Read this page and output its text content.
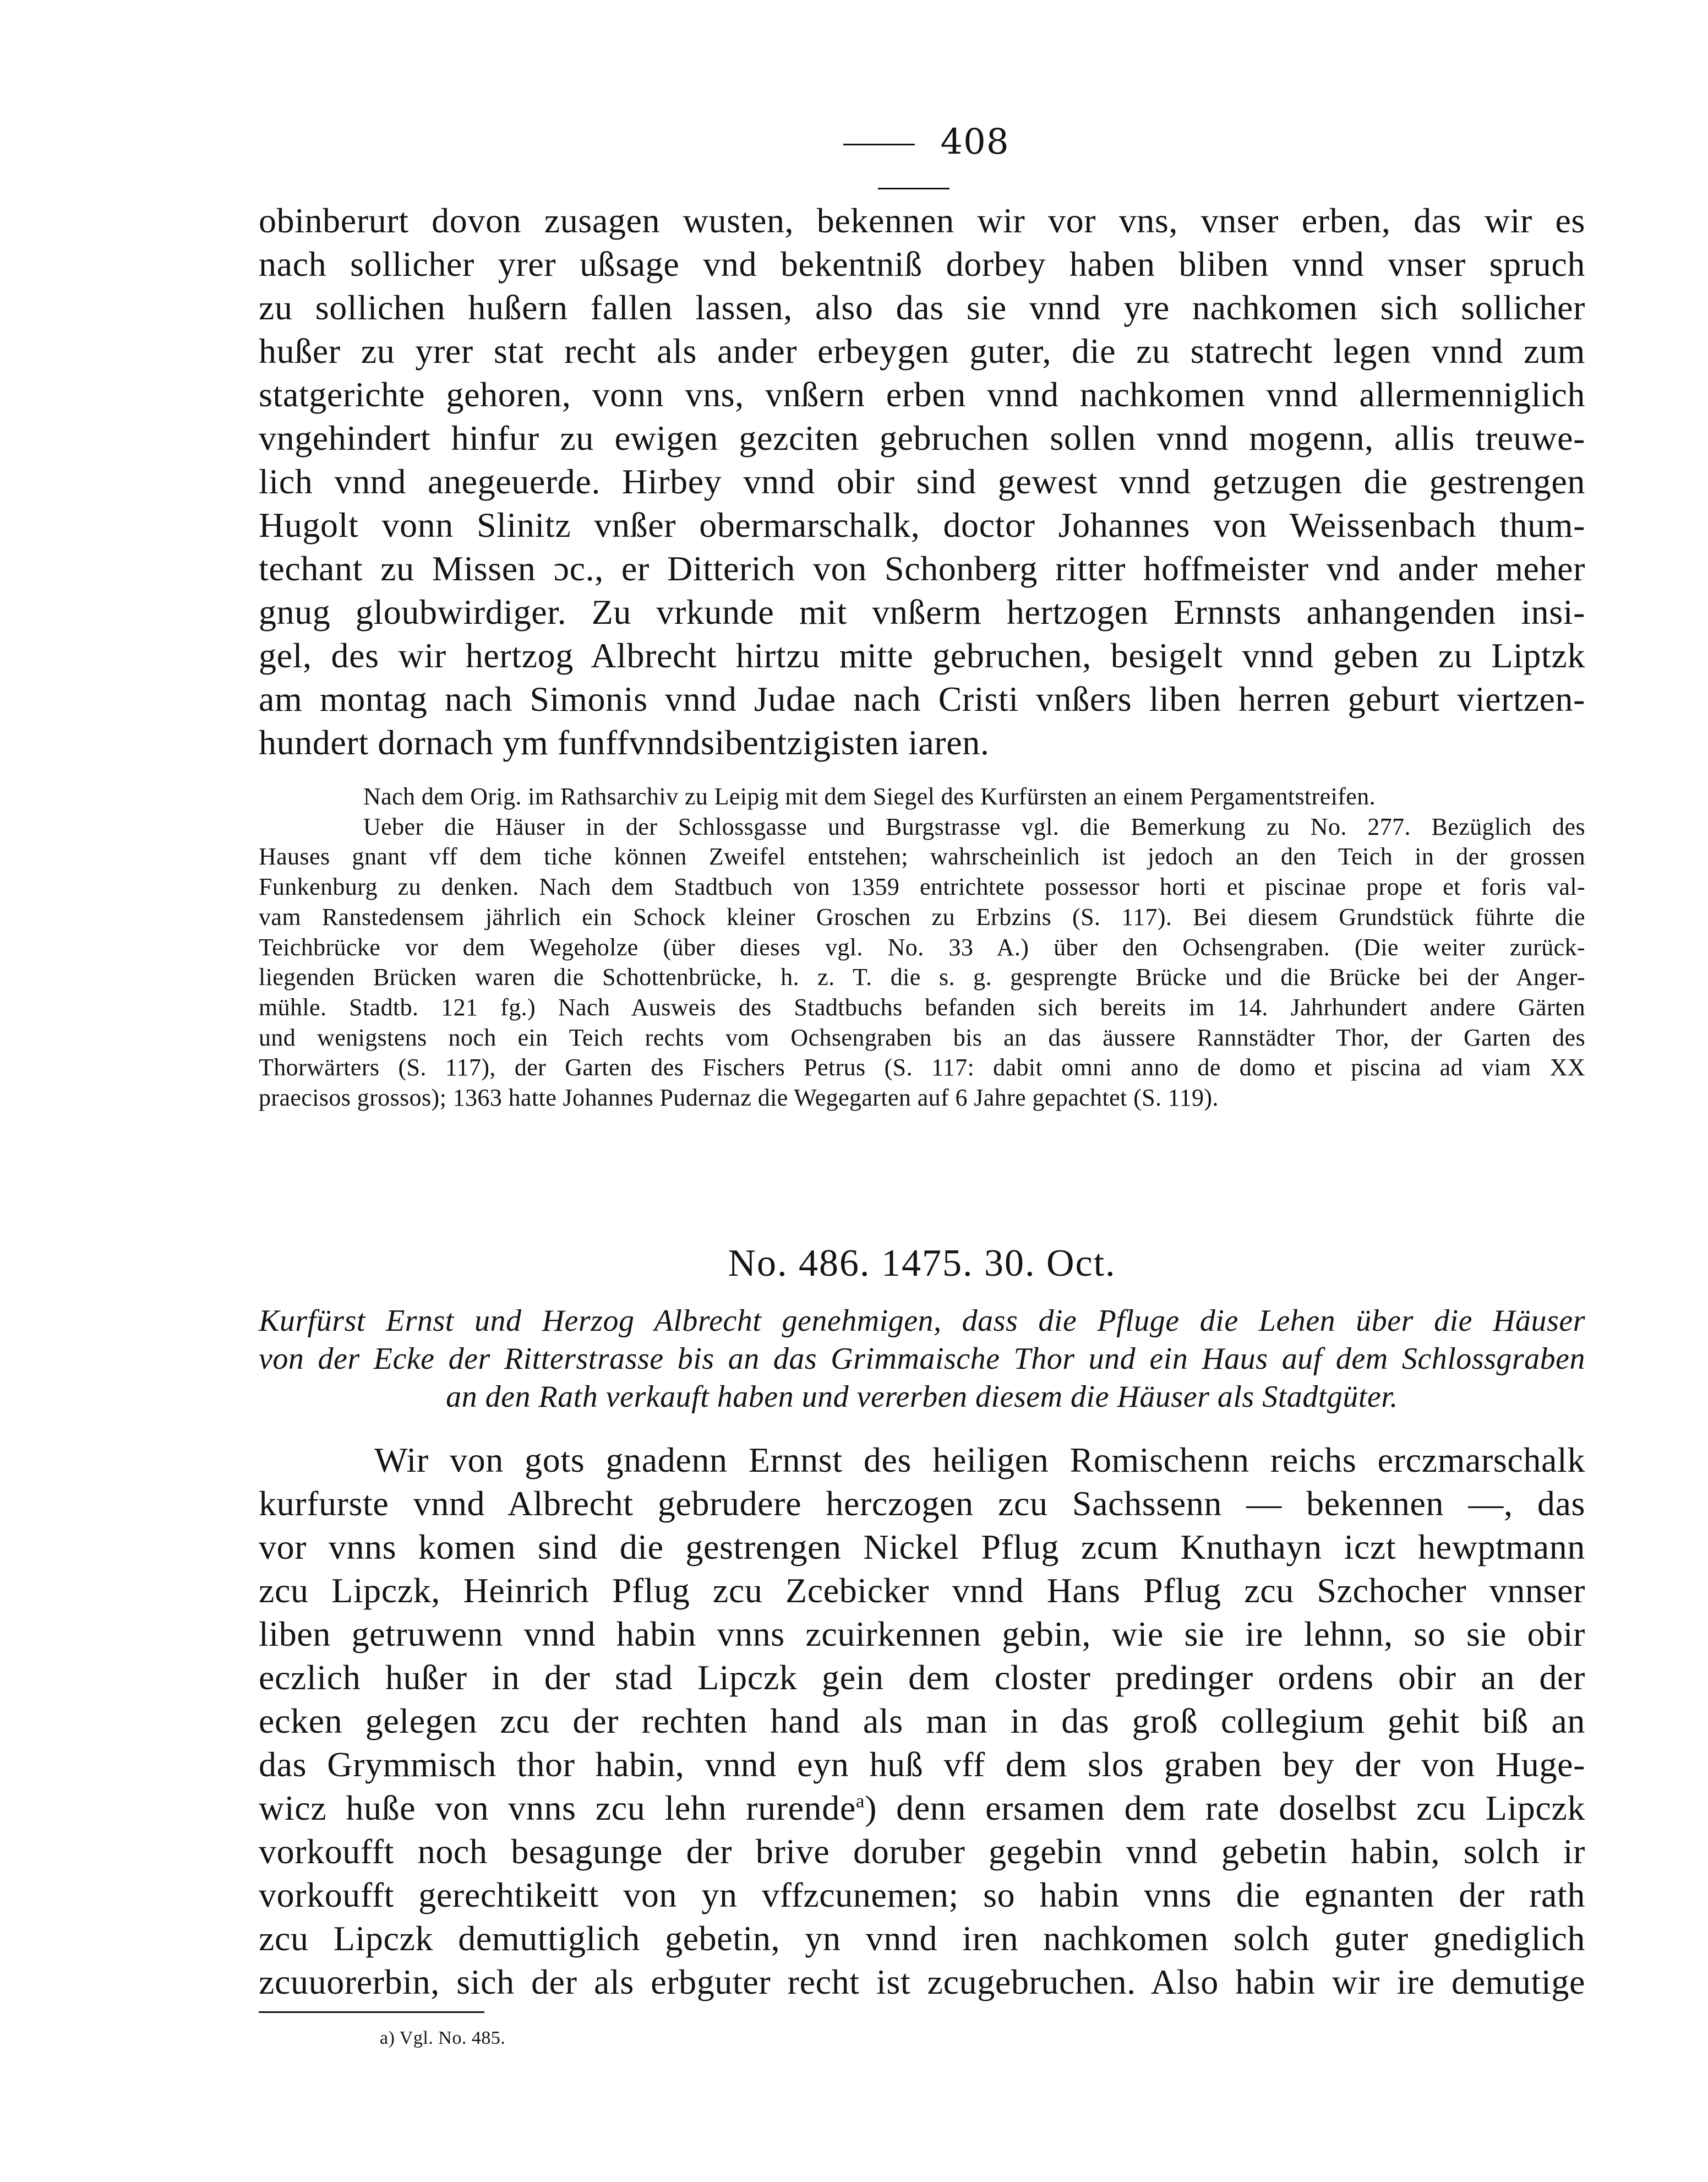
408
obinberurt dovon zusagen wusten, bekennen wir vor vns, vnser erben, das wir es
nach sollicher yrer ußsage vnd bekentniß dorbey haben bliben vnnd vnser spruch
zu sollichen hußern fallen lassen, also das sie vnnd yre nachkomen sich sollicher
hußer zu yrer stat recht als ander erbeygen guter, die zu statrecht legen vnnd zum
statgerichte gehoren, vonn vns, vnßern erben vnnd nachkomen vnnd allermenniglich
vngehindert hinfur zu ewigen gezciten gebruchen sollen vnnd mogenn, allis treuwe-
lich vnnd anegeuerde. Hirbey vnnd obir sind gewest vnnd getzugen die gestrengen
Hugolt vonn Slinitz vnßer obermarschalk, doctor Johannes von Weissenbach thum-
techant zu Missen ɔc., er Ditterich von Schonberg ritter hoffmeister vnd ander meher
gnug gloubwirdiger. Zu vrkunde mit vnßerm hertzogen Ernnsts anhangenden insi-
gel, des wir hertzog Albrecht hirtzu mitte gebruchen, besigelt vnnd geben zu Liptzk
am montag nach Simonis vnnd Judae nach Cristi vnßers liben herren geburt viertzen-
hundert dornach ym funffvnndsibentzigisten iaren.
Nach dem Orig. im Rathsarchiv zu Leipig mit dem Siegel des Kurfürsten an einem Pergamentstreifen.
Ueber die Häuser in der Schlossgasse und Burgstrasse vgl. die Bemerkung zu No. 277. Bezüglich des
Hauses gnant vff dem tiche können Zweifel entstehen; wahrscheinlich ist jedoch an den Teich in der grossen
Funkenburg zu denken. Nach dem Stadtbuch von 1359 entrichtete possessor horti et piscinae prope et foris val-
vam Ranstedensem jährlich ein Schock kleiner Groschen zu Erbzins (S. 117). Bei diesem Grundstück führte die
Teichbrücke vor dem Wegeholze (über dieses vgl. No. 33 A.) über den Ochsengraben. (Die weiter zurück-
liegenden Brücken waren die Schottenbrücke, h. z. T. die s. g. gesprengte Brücke und die Brücke bei der Anger-
mühle. Stadtb. 121 fg.) Nach Ausweis des Stadtbuchs befanden sich bereits im 14. Jahrhundert andere Gärten
und wenigstens noch ein Teich rechts vom Ochsengraben bis an das äussere Rannstädter Thor, der Garten des
Thorwärters (S. 117), der Garten des Fischers Petrus (S. 117: dabit omni anno de domo et piscina ad viam XX
praecisos grossos); 1363 hatte Johannes Pudernaz die Wegegarten auf 6 Jahre gepachtet (S. 119).
No. 486. 1475. 30. Oct.
Kurfürst Ernst und Herzog Albrecht genehmigen, dass die Pfluge die Lehen über die Häuser
von der Ecke der Ritterstrasse bis an das Grimmaische Thor und ein Haus auf dem Schlossgraben
an den Rath verkauft haben und vererben diesem die Häuser als Stadtgüter.
Wir von gots gnadenn Ernnst des heiligen Romischenn reichs erczmarschalk
kurfurste vnnd Albrecht gebrudere herczogen zcu Sachssenn — bekennen —, das
vor vnns komen sind die gestrengen Nickel Pflug zcum Knuthayn iczt hewptmann
zcu Lipczk, Heinrich Pflug zcu Zcebicker vnnd Hans Pflug zcu Szchocher vnnser
liben getruwenn vnnd habin vnns zcuirkennen gebin, wie sie ire lehnn, so sie obir
eczlich hußer in der stad Lipczk gein dem closter predinger ordens obir an der
ecken gelegen zcu der rechten hand als man in das groß collegium gehit biß an
das Grymmisch thor habin, vnnd eyn huß vff dem slos graben bey der von Huge-
wicz huße von vnns zcu lehn rurende$^a$) denn ersamen dem rate doselbst zcu Lipczk
vorkoufft noch besagunge der brive doruber gegebin vnnd gebetin habin, solch ir
vorkoufft gerechtikeitt von yn vffzcunemen; so habin vnns die egnanten der rath
zcu Lipczk demuttiglich gebetin, yn vnnd iren nachkomen solch guter gnediglich
zcuuorerbin, sich der als erbguter recht ist zcugebruchen. Also habin wir ire demutige
a) Vgl. No. 485.
